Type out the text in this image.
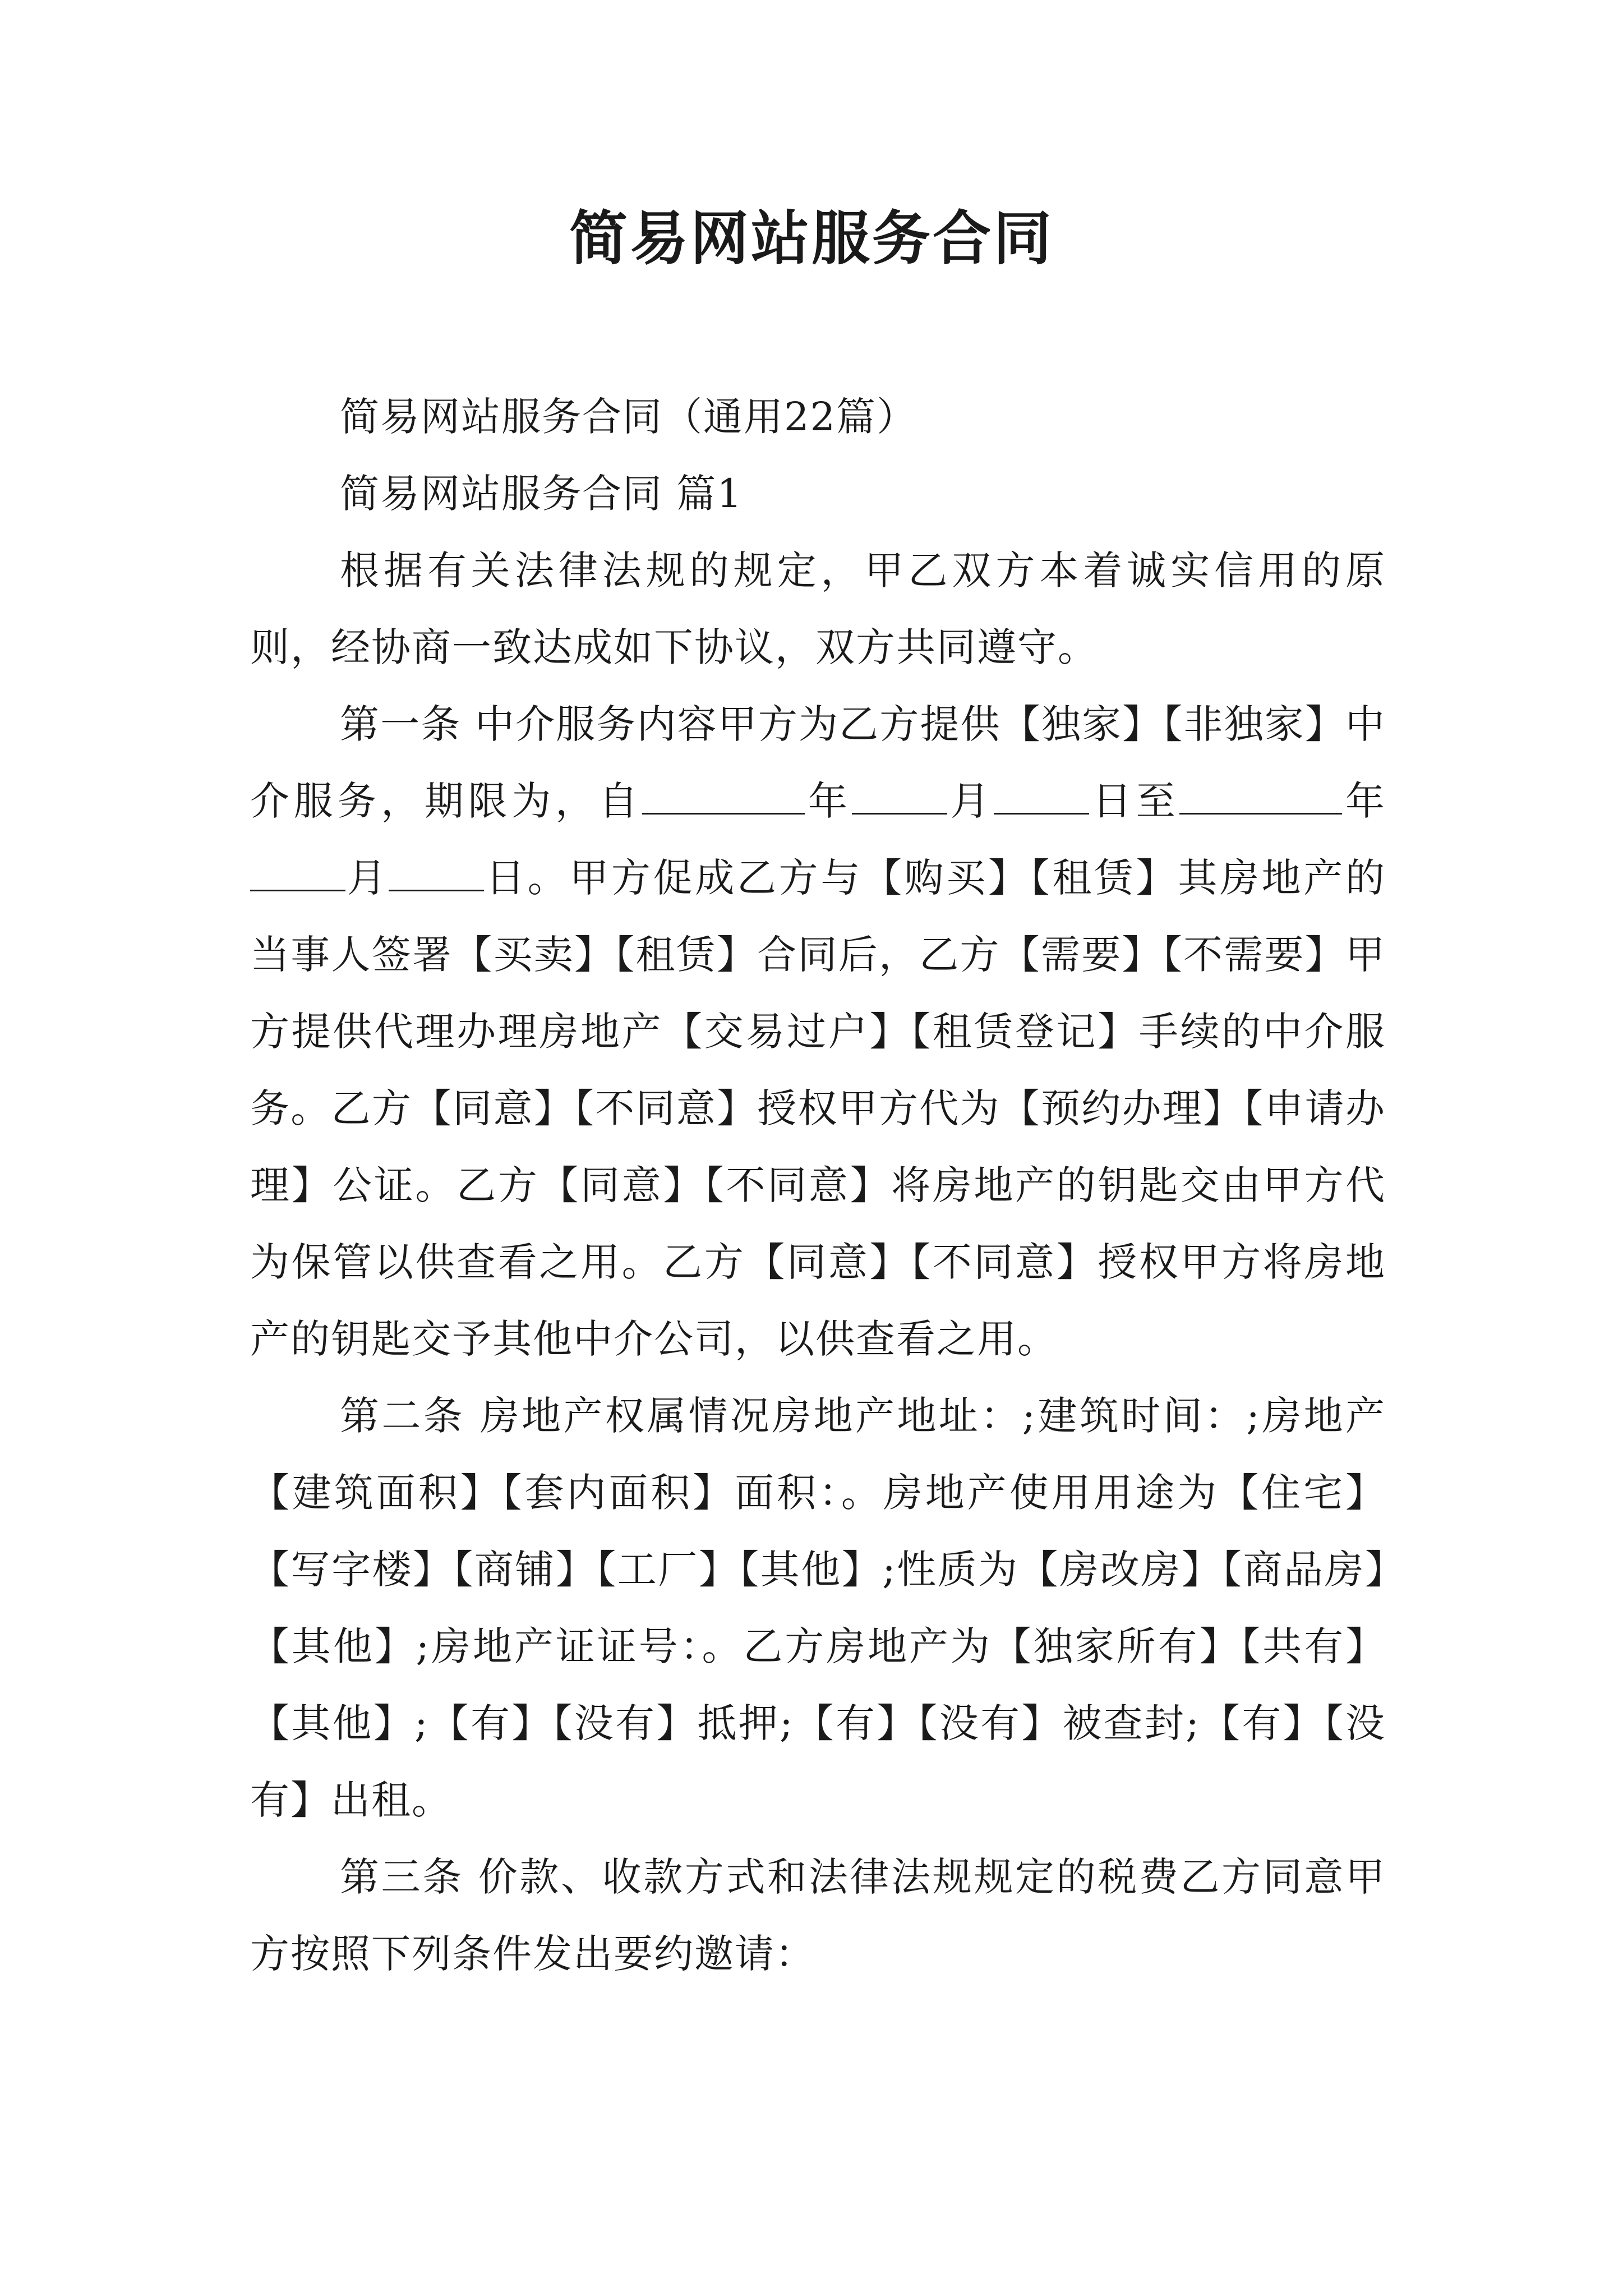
简易网站服务合同

简易网站服务合同（通用22篇）

简易网站服务合同 篇1

根据有关法律法规的规定，甲乙双方本着诚实信用的原则，经协商一致达成如下协议，双方共同遵守。

第一条 中介服务内容甲方为乙方提供【独家】【非独家】中介服务，期限为，自	年 月 日至	年月 日。甲方促成乙方与【购买】【租赁】其房地产的当事人签署【买卖】【租赁】合同后，乙方【需要】【不需要】甲方提供代理办理房地产【交易过户】【租赁登记】手续的中介服务。乙方【同意】【不同意】授权甲方代为【预约办理】【申请办理】公证。乙方【同意】【不同意】将房地产的钥匙交由甲方代为保管以供查看之用。乙方【同意】【不同意】授权甲方将房地产的钥匙交予其他中介公司，以供查看之用。

第二条 房地产权属情况房地产地址：;建筑时间：;房地产【建筑面积】【套内面积】面积：。房地产使用用途为【住宅】【写字楼】【商铺】【工厂】【其他】;性质为【房改房】【商品房】【其他】;房地产证证号：。乙方房地产为【独家所有】【共有】【其他】;【有】【没有】抵押;【有】【没有】被查封;【有】【没有】出租。

第三条 价款、收款方式和法律法规规定的税费乙方同意甲方按照下列条件发出要约邀请：
